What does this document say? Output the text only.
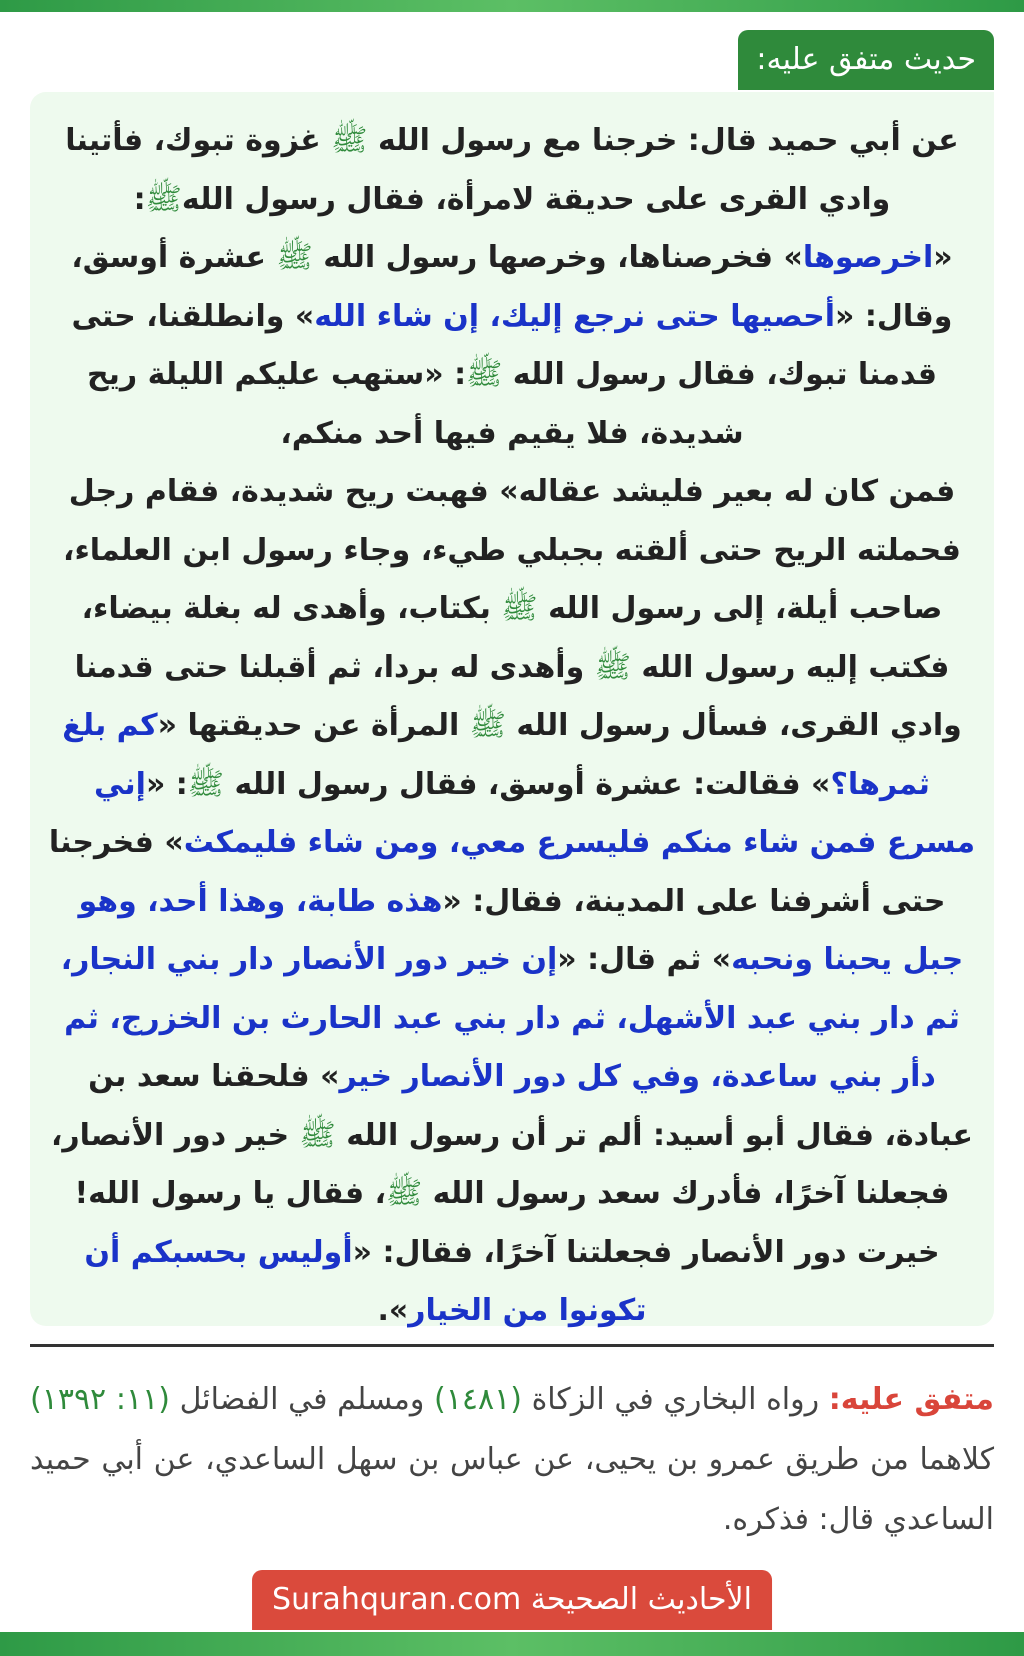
حديث متفق عليه:

عن أبي حميد قال: خرجنا مع رسول الله ﷺ غزوة تبوك، فأتينا وادي القرى على حديقة لامرأة، فقال رسول اللهﷺ: «اخرصوها» فخرصناها، وخرصها رسول الله ﷺ عشرة أوسق، وقال: «أحصيها حتى نرجع إليك، إن شاء الله» وانطلقنا، حتى قدمنا تبوك، فقال رسول الله ﷺ: «ستهب عليكم الليلة ريح شديدة، فلا يقيم فيها أحد منكم،

فمن كان له بعير فليشد عقاله» فهبت ريح شديدة، فقام رجل فحملته الريح حتى ألقته بجبلي طيء، وجاء رسول ابن العلماء، صاحب أيلة، إلى رسول الله ﷺ بكتاب، وأهدى له بغلة بيضاء، فكتب إليه رسول الله ﷺ وأهدى له بردا، ثم أقبلنا حتى قدمنا وادي القرى، فسأل رسول الله ﷺ المرأة عن حديقتها «كم بلغ ثمرها؟» فقالت: عشرة أوسق، فقال رسول الله ﷺ: «إني مسرع فمن شاء منكم فليسرع معي، ومن شاء فليمكث» فخرجنا حتى أشرفنا على المدينة، فقال: «هذه طابة، وهذا أحد، وهو جبل يحبنا ونحبه» ثم قال: «إن خير دور الأنصار دار بني النجار، ثم دار بني عبد الأشهل، ثم دار بني عبد الحارث بن الخزرج، ثم دأر بني ساعدة، وفي كل دور الأنصار خير» فلحقنا سعد بن عبادة، فقال أبو أسيد: ألم تر أن رسول الله ﷺ خير دور الأنصار، فجعلنا آخرًا، فأدرك سعد رسول الله ﷺ، فقال يا رسول الله! خيرت دور الأنصار فجعلتنا آخرًا، فقال: «أوليس بحسبكم أن تكونوا من الخيار».

متفق عليه: رواه البخاري في الزكاة (١٤٨١) ومسلم في الفضائل (١١: ١٣٩٢) كلاهما من طريق عمرو بن يحيى، عن عباس بن سهل الساعدي، عن أبي حميد الساعدي قال: فذكره.
الأحاديث الصحيحة Surahquran.com
